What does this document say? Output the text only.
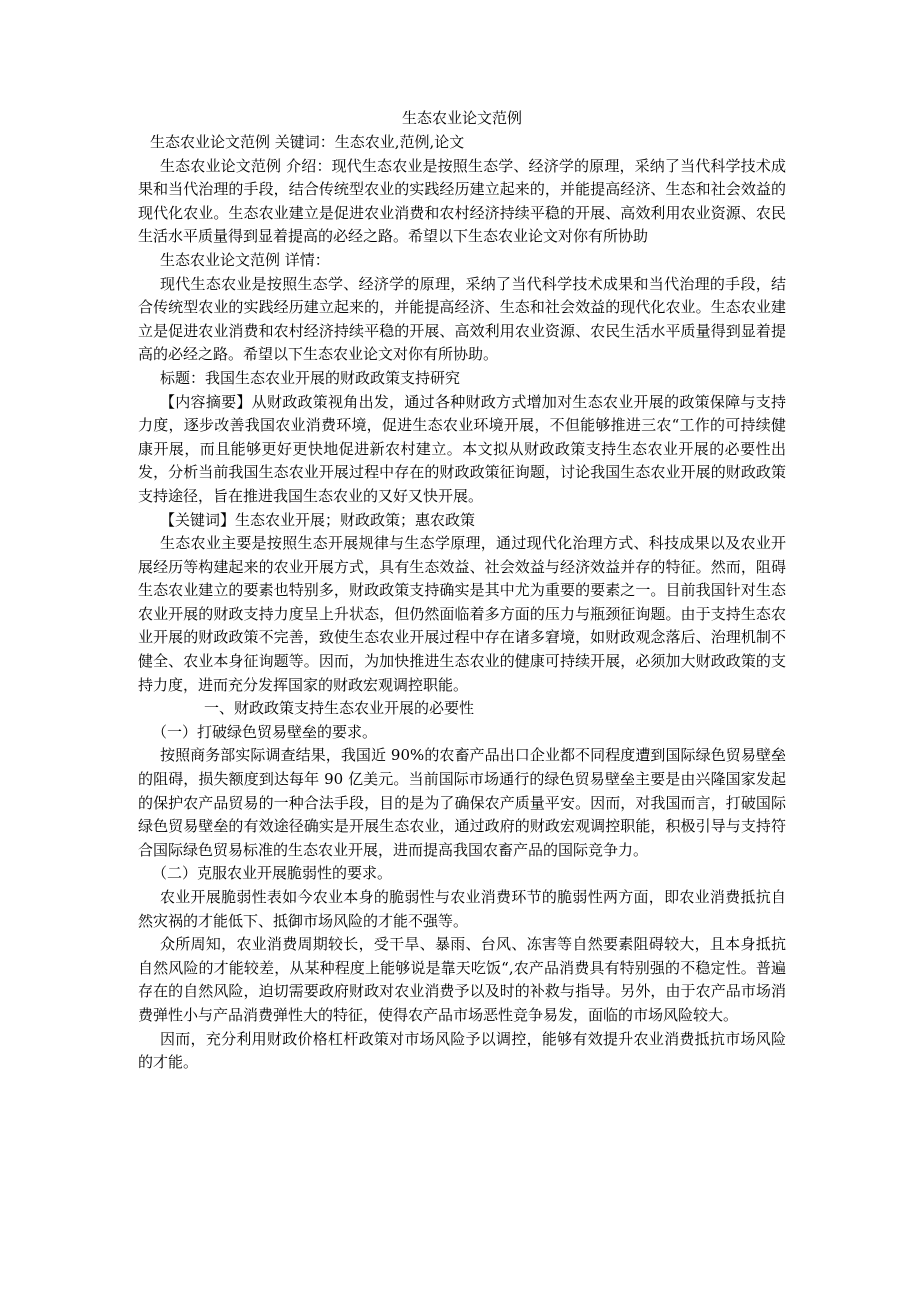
生态农业论文范例

生态农业论文范例 关键词：生态农业,范例,论文

生态农业论文范例 介绍：现代生态农业是按照生态学、经济学的原理，采纳了当代科学技术成果和当代治理的手段，结合传统型农业的实践经历建立起来的，并能提高经济、生态和社会效益的现代化农业。生态农业建立是促进农业消费和农村经济持续平稳的开展、高效利用农业资源、农民生活水平质量得到显着提高的必经之路。希望以下生态农业论文对你有所协助

生态农业论文范例 详情：

现代生态农业是按照生态学、经济学的原理，采纳了当代科学技术成果和当代治理的手段，结合传统型农业的实践经历建立起来的，并能提高经济、生态和社会效益的现代化农业。生态农业建立是促进农业消费和农村经济持续平稳的开展、高效利用农业资源、农民生活水平质量得到显着提高的必经之路。希望以下生态农业论文对你有所协助。

标题：我国生态农业开展的财政政策支持研究

【内容摘要】从财政政策视角出发，通过各种财政方式增加对生态农业开展的政策保障与支持力度，逐步改善我国农业消费环境，促进生态农业环境开展，不但能够推进三农“工作的可持续健康开展，而且能够更好更快地促进新农村建立。本文拟从财政政策支持生态农业开展的必要性出发，分析当前我国生态农业开展过程中存在的财政政策征询题，讨论我国生态农业开展的财政政策支持途径，旨在推进我国生态农业的又好又快开展。

【关键词】生态农业开展；财政政策；惠农政策

生态农业主要是按照生态开展规律与生态学原理，通过现代化治理方式、科技成果以及农业开展经历等构建起来的农业开展方式，具有生态效益、社会效益与经济效益并存的特征。然而，阻碍生态农业建立的要素也特别多，财政政策支持确实是其中尤为重要的要素之一。目前我国针对生态农业开展的财政支持力度呈上升状态，但仍然面临着多方面的压力与瓶颈征询题。由于支持生态农业开展的财政政策不完善，致使生态农业开展过程中存在诸多窘境，如财政观念落后、治理机制不健全、农业本身征询题等。因而，为加快推进生态农业的健康可持续开展，必须加大财政政策的支持力度，进而充分发挥国家的财政宏观调控职能。

一、财政政策支持生态农业开展的必要性

（一）打破绿色贸易壁垒的要求。

按照商务部实际调查结果，我国近 90%的农畜产品出口企业都不同程度遭到国际绿色贸易壁垒的阻碍，损失额度到达每年 90 亿美元。当前国际市场通行的绿色贸易壁垒主要是由兴隆国家发起的保护农产品贸易的一种合法手段，目的是为了确保农产质量平安。因而，对我国而言，打破国际绿色贸易壁垒的有效途径确实是开展生态农业，通过政府的财政宏观调控职能，积极引导与支持符合国际绿色贸易标准的生态农业开展，进而提高我国农畜产品的国际竞争力。

（二）克服农业开展脆弱性的要求。

农业开展脆弱性表如今农业本身的脆弱性与农业消费环节的脆弱性两方面，即农业消费抵抗自然灾祸的才能低下、抵御市场风险的才能不强等。

众所周知，农业消费周期较长，受干旱、暴雨、台风、冻害等自然要素阻碍较大，且本身抵抗自然风险的才能较差，从某种程度上能够说是靠天吃饭“,农产品消费具有特别强的不稳定性。普遍存在的自然风险，迫切需要政府财政对农业消费予以及时的补救与指导。另外，由于农产品市场消费弹性小与产品消费弹性大的特征，使得农产品市场恶性竞争易发，面临的市场风险较大。

因而，充分利用财政价格杠杆政策对市场风险予以调控，能够有效提升农业消费抵抗市场风险的才能。
